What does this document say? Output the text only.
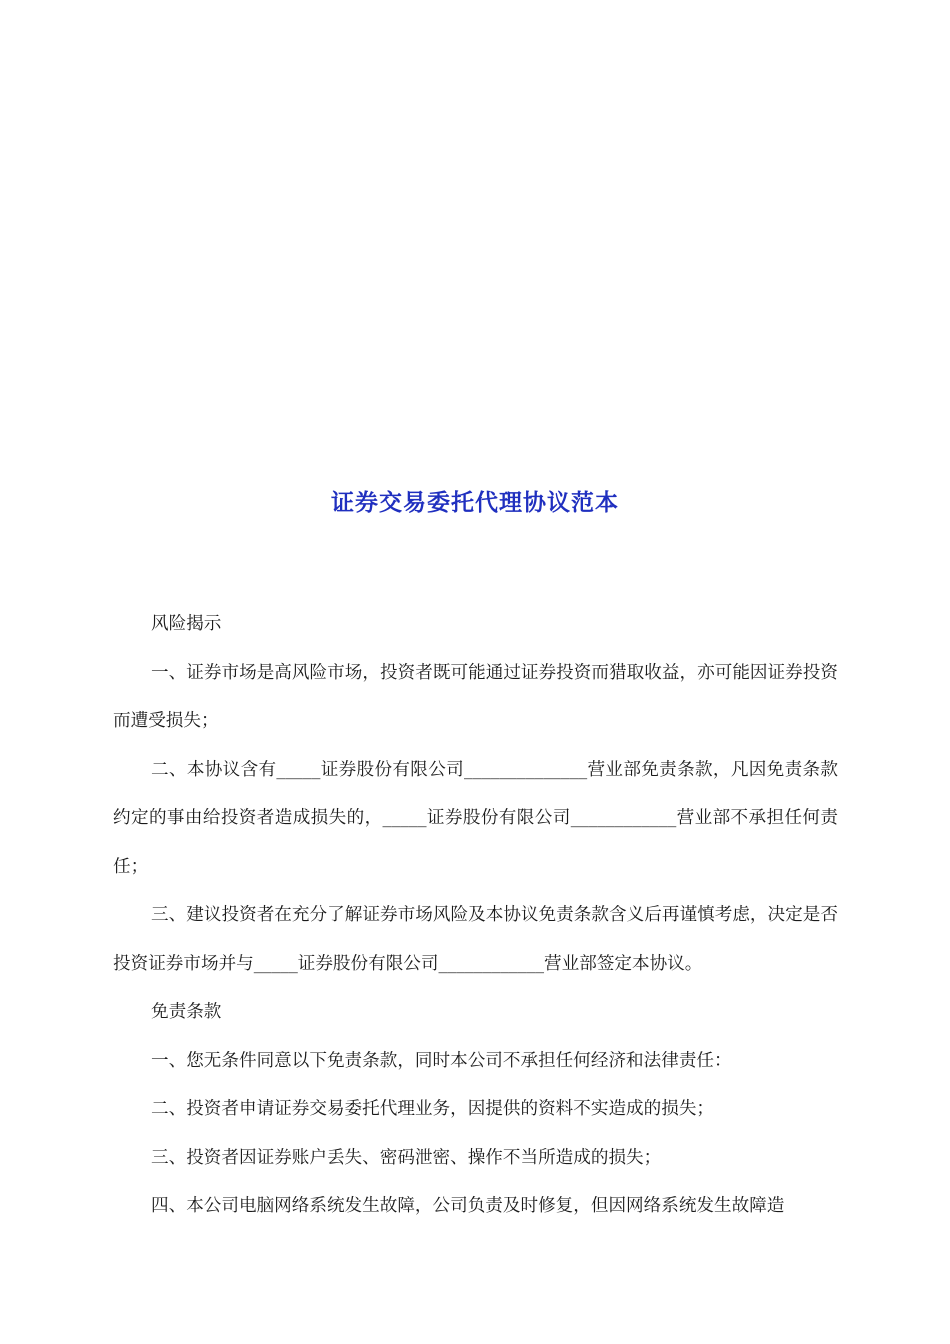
证券交易委托代理协议范本

风险揭示

一、证券市场是高风险市场，投资者既可能通过证券投资而猎取收益，亦可能因证券投资而遭受损失；

二、本协议含有_____证券股份有限公司______________营业部免责条款，凡因免责条款约定的事由给投资者造成损失的，_____证券股份有限公司____________营业部不承担任何责任；

三、建议投资者在充分了解证券市场风险及本协议免责条款含义后再谨慎考虑，决定是否投资证券市场并与_____证券股份有限公司____________营业部签定本协议。

免责条款

一、您无条件同意以下免责条款，同时本公司不承担任何经济和法律责任：

二、投资者申请证券交易委托代理业务，因提供的资料不实造成的损失；

三、投资者因证券账户丢失、密码泄密、操作不当所造成的损失；

四、本公司电脑网络系统发生故障，公司负责及时修复，但因网络系统发生故障造
